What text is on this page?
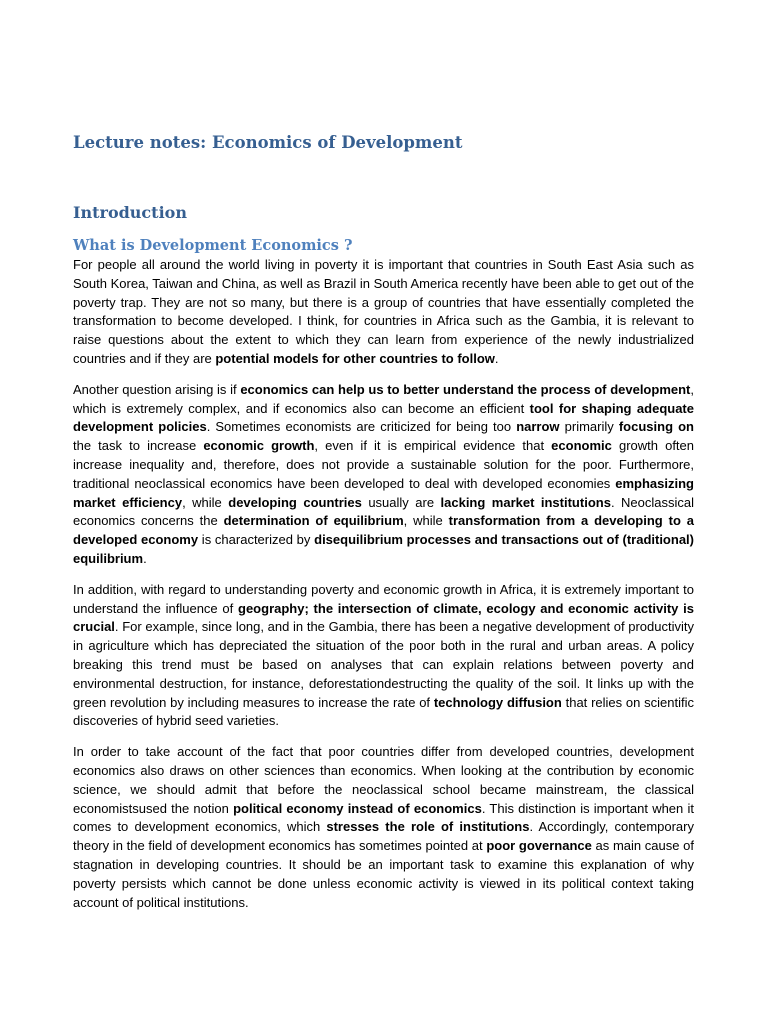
Lecture notes: Economics of Development
Introduction
What is Development Economics ?

For people all around the world living in poverty it is important that countries in South East Asia such as South Korea, Taiwan and China, as well as Brazil in South America recently have been able to get out of the poverty trap. They are not so many, but there is a group of countries that have essentially completed the transformation to become developed. I think, for countries in Africa such as the Gambia, it is relevant to raise questions about the extent to which they can learn from experience of the newly industrialized countries and if they are potential models for other countries to follow.

Another question arising is if economics can help us to better understand the process of development, which is extremely complex, and if economics also can become an efficient tool for shaping adequate development policies. Sometimes economists are criticized for being too narrow primarily focusing on the task to increase economic growth, even if it is empirical evidence that economic growth often increase inequality and, therefore, does not provide a sustainable solution for the poor. Furthermore, traditional neoclassical economics have been developed to deal with developed economies emphasizing market efficiency, while developing countries usually are lacking market institutions. Neoclassical economics concerns the determination of equilibrium, while transformation from a developing to a developed economy is characterized by disequilibrium processes and transactions out of (traditional) equilibrium.

In addition, with regard to understanding poverty and economic growth in Africa, it is extremely important to understand the influence of geography; the intersection of climate, ecology and economic activity is crucial. For example, since long, and in the Gambia, there has been a negative development of productivity in agriculture which has depreciated the situation of the poor both in the rural and urban areas. A policy breaking this trend must be based on analyses that can explain relations between poverty and environmental destruction, for instance, deforestationdestructing the quality of the soil. It links up with the green revolution by including measures to increase the rate of technology diffusion that relies on scientific discoveries of hybrid seed varieties.

In order to take account of the fact that poor countries differ from developed countries, development economics also draws on other sciences than economics. When looking at the contribution by economic science, we should admit that before the neoclassical school became mainstream, the classical economistsused the notion political economy instead of economics. This distinction is important when it comes to development economics, which stresses the role of institutions. Accordingly, contemporary theory in the field of development economics has sometimes pointed at poor governance as main cause of stagnation in developing countries. It should be an important task to examine this explanation of why poverty persists which cannot be done unless economic activity is viewed in its political context taking account of political institutions.
